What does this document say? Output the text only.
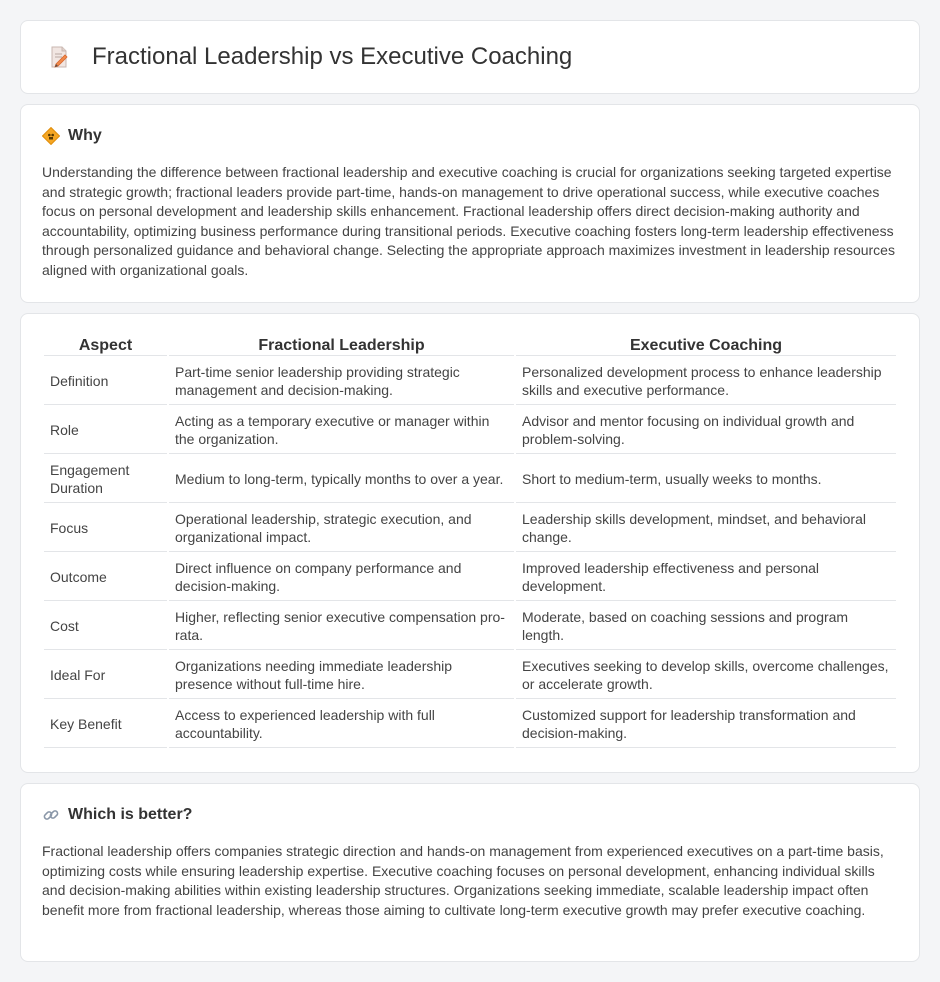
Fractional Leadership vs Executive Coaching
Why

Understanding the difference between fractional leadership and executive coaching is crucial for organizations seeking targeted expertise and strategic growth; fractional leaders provide part-time, hands-on management to drive operational success, while executive coaches focus on personal development and leadership skills enhancement. Fractional leadership offers direct decision-making authority and accountability, optimizing business performance during transitional periods. Executive coaching fosters long-term leadership effectiveness through personalized guidance and behavioral change. Selecting the appropriate approach maximizes investment in leadership resources aligned with organizational goals.

Aspect	Fractional Leadership	Executive Coaching
Definition	Part-time senior leadership providing strategic management and decision-making.	Personalized development process to enhance leadership skills and executive performance.
Role	Acting as a temporary executive or manager within the organization.	Advisor and mentor focusing on individual growth and problem-solving.
Engagement Duration	Medium to long-term, typically months to over a year.	Short to medium-term, usually weeks to months.
Focus	Operational leadership, strategic execution, and organizational impact.	Leadership skills development, mindset, and behavioral change.
Outcome	Direct influence on company performance and decision-making.	Improved leadership effectiveness and personal development.
Cost	Higher, reflecting senior executive compensation pro-rata.	Moderate, based on coaching sessions and program length.
Ideal For	Organizations needing immediate leadership presence without full-time hire.	Executives seeking to develop skills, overcome challenges, or accelerate growth.
Key Benefit	Access to experienced leadership with full accountability.	Customized support for leadership transformation and decision-making.
Which is better?

Fractional leadership offers companies strategic direction and hands-on management from experienced executives on a part-time basis, optimizing costs while ensuring leadership expertise. Executive coaching focuses on personal development, enhancing individual skills and decision-making abilities within existing leadership structures. Organizations seeking immediate, scalable leadership impact often benefit more from fractional leadership, whereas those aiming to cultivate long-term executive growth may prefer executive coaching.
